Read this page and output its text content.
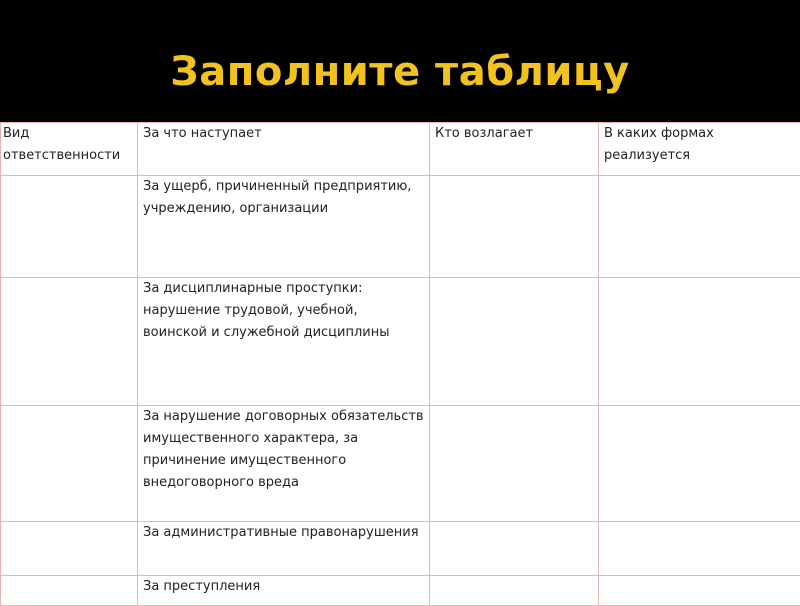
Заполните таблицу
Вид ответственности	За что наступает	Кто возлагает	В каких формах реализуется
	За ущерб, причиненный предприятию, учреждению, организации		
	За дисциплинарные проступки: нарушение трудовой, учебной, воинской и служебной дисциплины		
	За нарушение договорных обязательств имущественного характера, за причинение имущественного внедоговорного вреда		
	За административные правонарушения		
	За преступления		
